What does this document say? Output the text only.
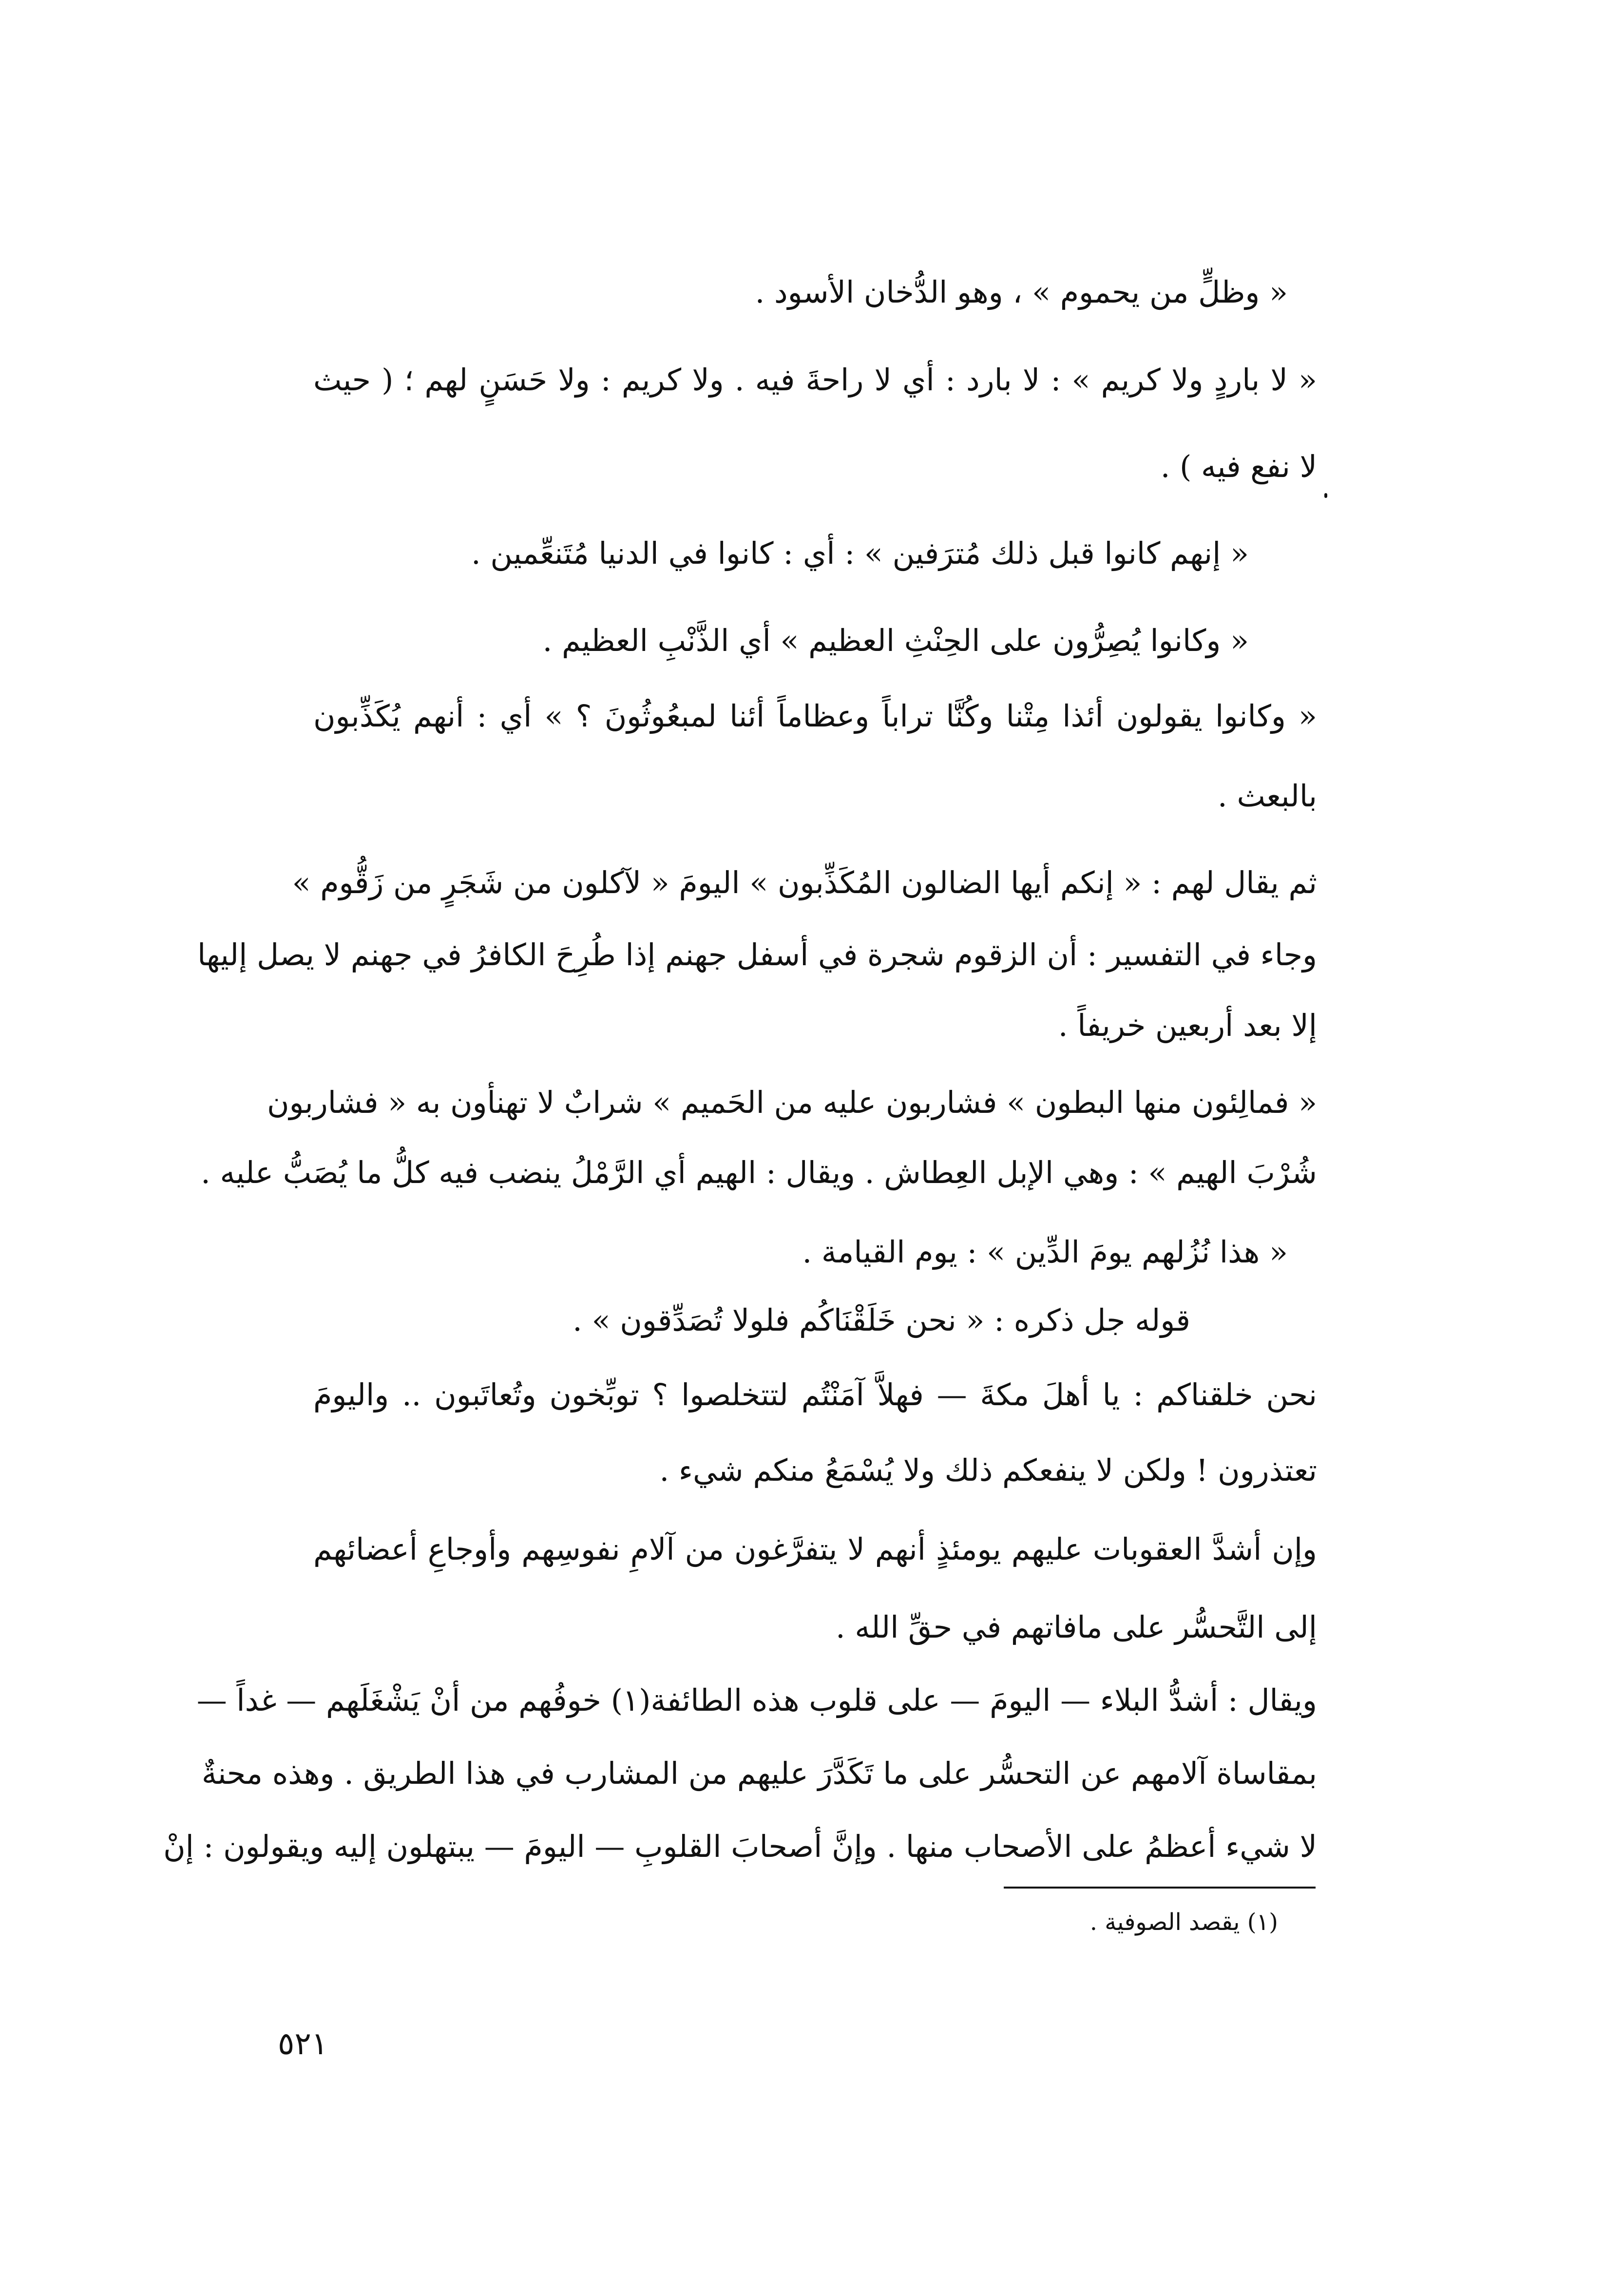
« وظلٍّ من يحموم » ، وهو الدُّخان الأسود .
« لا باردٍ ولا كريم » : لا بارد : أي لا راحةَ فيه . ولا كريم : ولا حَسَنٍ لهم ؛ ( حيث
لا نفع فيه ) .
« إنهم كانوا قبل ذلك مُترَفين » : أي : كانوا في الدنيا مُتَنعِّمين .
« وكانوا يُصِرُّون على الحِنْثِ العظيم » أي الذَّنْبِ العظيم .
« وكانوا يقولون أئذا مِتْنا وكُنَّا تراباً وعظاماً أئنا لمبعُوثُونَ ؟ » أي : أنهم يُكَذِّبون
بالبعث .
ثم يقال لهم : « إنكم أيها الضالون المُكَذِّبون » اليومَ « لآكلون من شَجَرٍ من زَقُّوم »
وجاء في التفسير : أن الزقوم شجرة في أسفل جهنم إذا طُرِحَ الكافرُ في جهنم لا يصل إليها
إلا بعد أربعين خريفاً .
« فمالِئون منها البطون » فشاربون عليه من الحَميم » شرابٌ لا تهنأون به « فشاربون
شُرْبَ الهيم » : وهي الإبل العِطاش . ويقال : الهيم أي الرَّمْلُ ينضب فيه كلُّ ما يُصَبُّ عليه .
« هذا نُزُلهم يومَ الدِّين » : يوم القيامة .
قوله جل ذكره : « نحن خَلَقْنَاكُم فلولا تُصَدِّقون » .
نحن خلقناكم : يا أهلَ مكةَ — فهلاَّ آمَنْتُم لتتخلصوا ؟ توبِّخون وتُعاتَبون .. واليومَ
تعتذرون ! ولكن لا ينفعكم ذلك ولا يُسْمَعُ منكم شيء .
وإن أشدَّ العقوبات عليهم يومئذٍ أنهم لا يتفرَّغون من آلامِ نفوسِهم وأوجاعِ أعضائهم
إلى التَّحسُّر على مافاتهم في حقِّ الله .
ويقال : أشدُّ البلاء — اليومَ — على قلوب هذه الطائفة(١) خوفُهم من أنْ يَشْغَلَهم — غداً —
بمقاساة آلامهم عن التحسُّر على ما تَكَدَّرَ عليهم من المشارب في هذا الطريق . وهذه محنةٌ
لا شيء أعظمُ على الأصحاب منها . وإنَّ أصحابَ القلوبِ — اليومَ — يبتهلون إليه ويقولون : إنْ
(١) يقصد الصوفية .
٥٢١
